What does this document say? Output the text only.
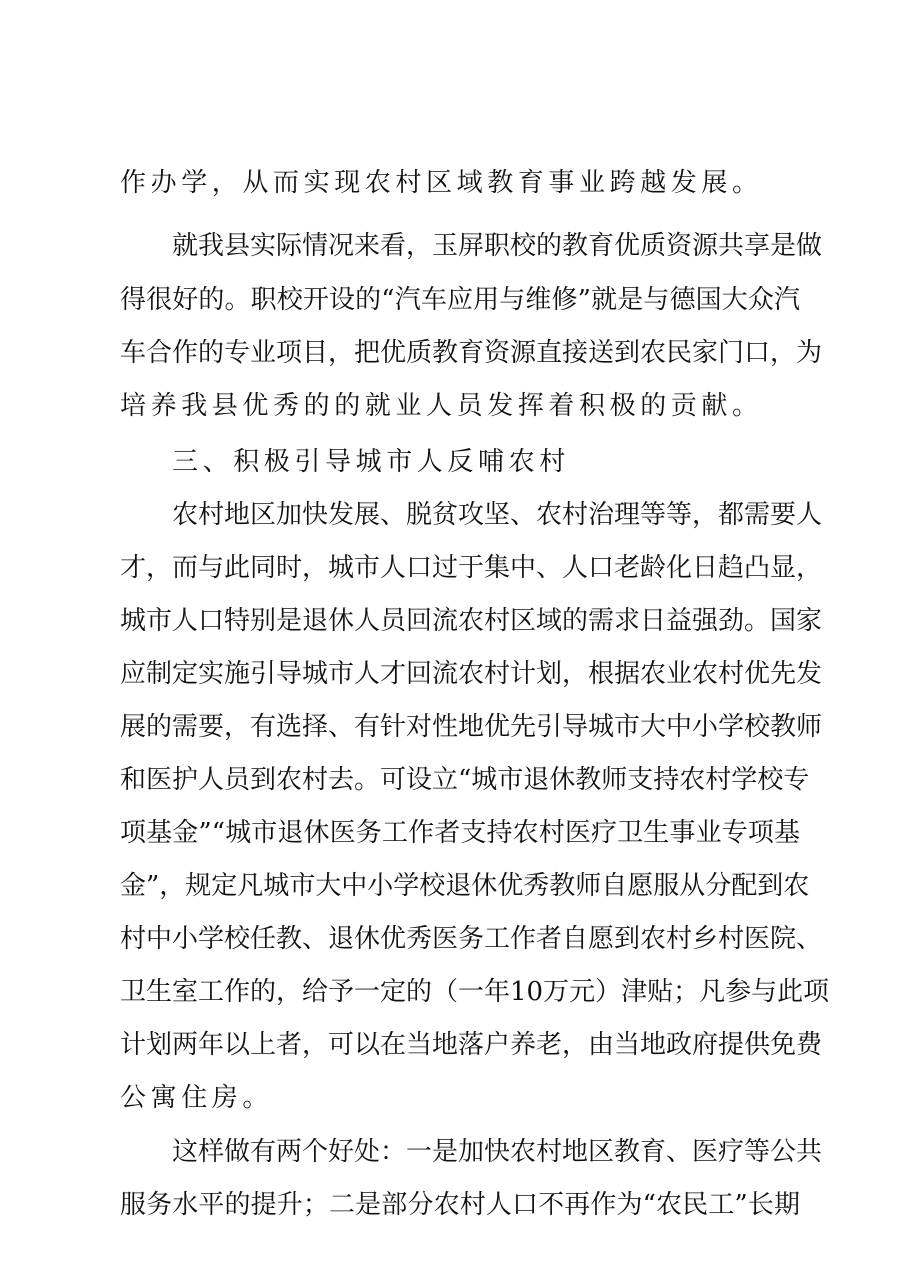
作办学，从而实现农村区域教育事业跨越发展。
就我县实际情况来看，玉屏职校的教育优质资源共享是做
得很好的。职校开设的“汽车应用与维修”就是与德国大众汽
车合作的专业项目，把优质教育资源直接送到农民家门口，为
培养我县优秀的的就业人员发挥着积极的贡献。
三、积极引导城市人反哺农村
农村地区加快发展、脱贫攻坚、农村治理等等，都需要人
才，而与此同时，城市人口过于集中、人口老龄化日趋凸显，
城市人口特别是退休人员回流农村区域的需求日益强劲。国家
应制定实施引导城市人才回流农村计划，根据农业农村优先发
展的需要，有选择、有针对性地优先引导城市大中小学校教师
和医护人员到农村去。可设立“城市退休教师支持农村学校专
项基金”“城市退休医务工作者支持农村医疗卫生事业专项基
金”，规定凡城市大中小学校退休优秀教师自愿服从分配到农
村中小学校任教、退休优秀医务工作者自愿到农村乡村医院、
卫生室工作的，给予一定的（一年10万元）津贴；凡参与此项
计划两年以上者，可以在当地落户养老，由当地政府提供免费
公寓住房。
这样做有两个好处：一是加快农村地区教育、医疗等公共
服务水平的提升；二是部分农村人口不再作为“农民工”长期
